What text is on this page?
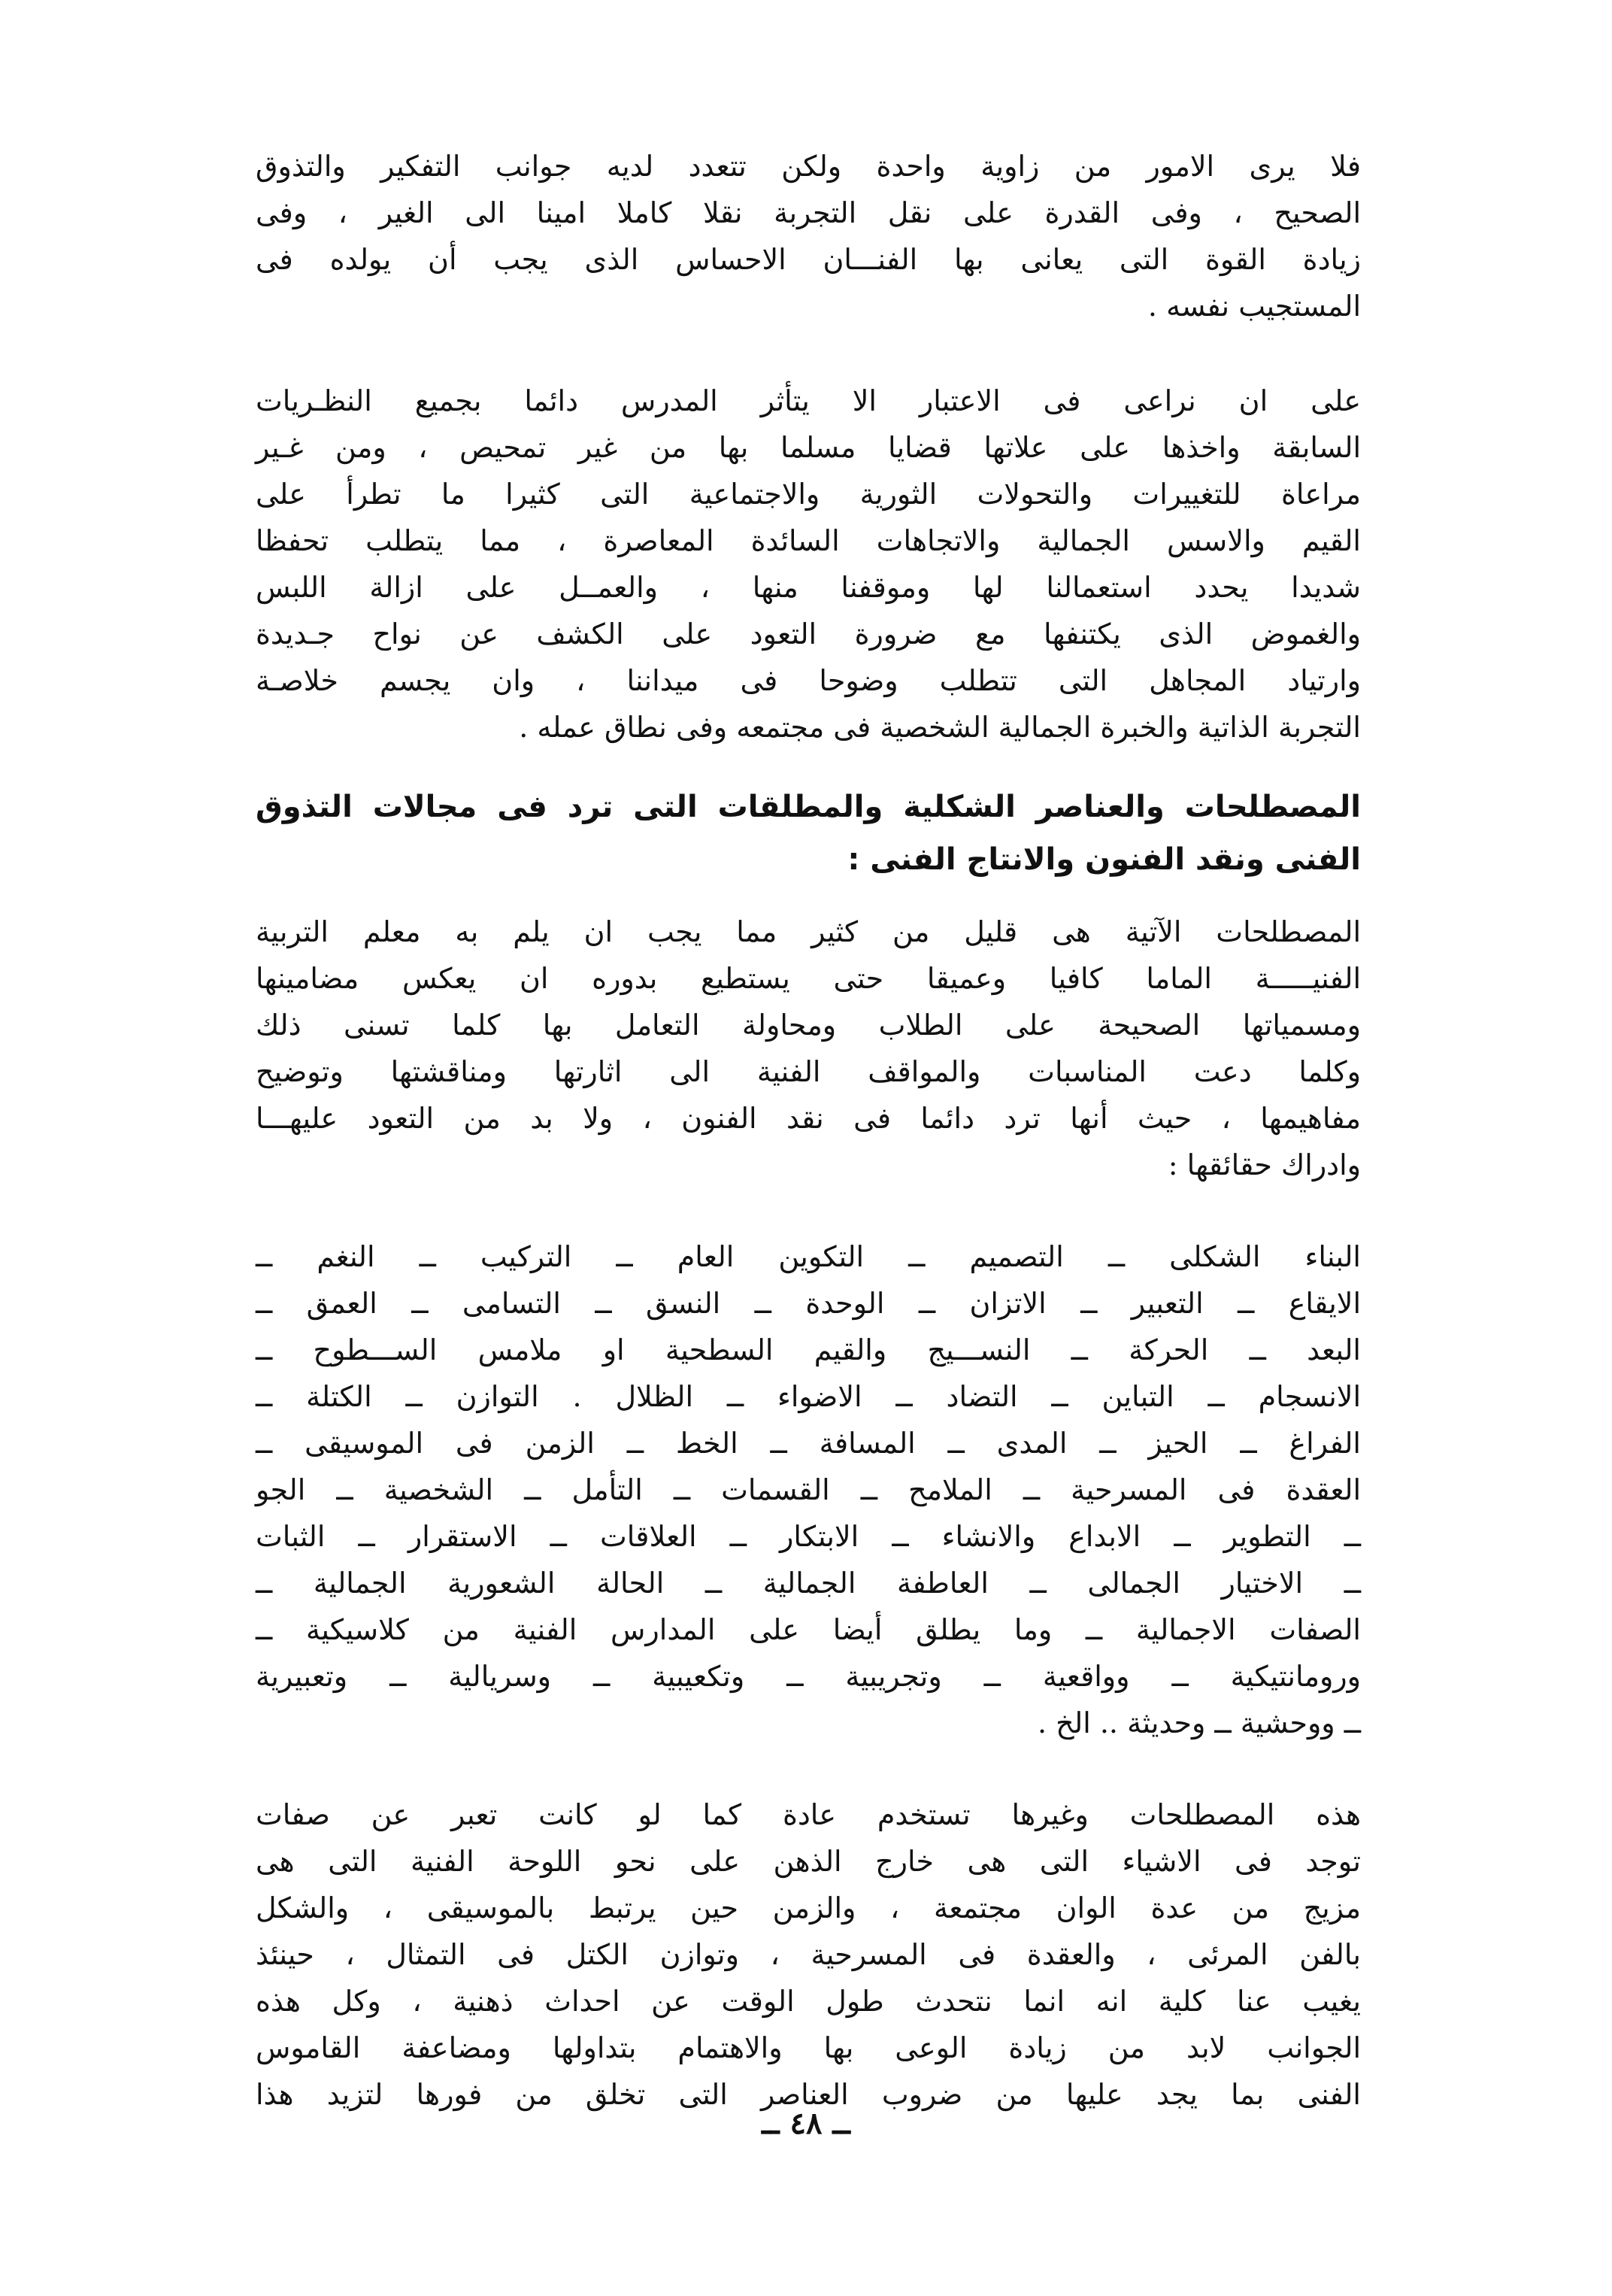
فلا يرى الامور من زاوية واحدة ولكن تتعدد لديه جوانب التفكير والتذوق
الصحيح ، وفى القدرة على نقل التجربة نقلا كاملا امينا الى الغير ، وفى
زيادة القوة التى يعانى بها الفنـــان الاحساس الذى يجب أن يولده فى
المستجيب نفسه .
على ان نراعى فى الاعتبار الا يتأثر المدرس دائما بجميع النظـريات
السابقة واخذها على علاتها قضايا مسلما بها من غير تمحيص ، ومن غـير
مراعاة للتغييرات والتحولات الثورية والاجتماعية التى كثيرا ما تطرأ على
القيم والاسس الجمالية والاتجاهات السائدة المعاصرة ، مما يتطلب تحفظا
شديدا يحدد استعمالنا لها وموقفنا منها ، والعمــل على ازالة اللبس
والغموض الذى يكتنفها مع ضرورة التعود على الكشف عن نواح جـديدة
وارتياد المجاهل التى تتطلب وضوحا فى ميداننا ، وان يجسم خلاصـة
التجربة الذاتية والخبرة الجمالية الشخصية فى مجتمعه وفى نطاق عمله .
المصطلحات والعناصر الشكلية والمطلقات التى ترد فى مجالات التذوق
الفنى ونقد الفنون والانتاج الفنى :
المصطلحات الآتية هى قليل من كثير مما يجب ان يلم به معلم التربية
الفنيـــــة الماما كافيا وعميقا حتى يستطيع بدوره ان يعكس مضامينها
ومسمياتها الصحيحة على الطلاب ومحاولة التعامل بها كلما تسنى ذلك
وكلما دعت المناسبات والمواقف الفنية الى اثارتها ومناقشتها وتوضيح
مفاهيمها ، حيث أنها ترد دائما فى نقد الفنون ، ولا بد من التعود عليهـــا
وادراك حقائقها :
البناء الشكلى ــ التصميم ــ التكوين العام ــ التركيب ــ النغم ــ
الايقاع ــ التعبير ــ الاتزان ــ الوحدة ــ النسق ــ التسامى ــ العمق ــ
البعد ــ الحركة ــ النســـيج والقيم السطحية او ملامس الســـطوح ــ
الانسجام ــ التباين ــ التضاد ــ الاضواء ــ الظلال . التوازن ــ الكتلة ــ
الفراغ ــ الحيز ــ المدى ــ المسافة ــ الخط ــ الزمن فى الموسيقى ــ
العقدة فى المسرحية ــ الملامح ــ القسمات ــ التأمل ــ الشخصية ــ الجو
ــ التطوير ــ الابداع والانشاء ــ الابتكار ــ العلاقات ــ الاستقرار ــ الثبات
ــ الاختيار الجمالى ــ العاطفة الجمالية ــ الحالة الشعورية الجمالية ــ
الصفات الاجمالية ــ وما يطلق أيضا على المدارس الفنية من كلاسيكية ــ
ورومانتيكية ــ وواقعية ــ وتجريبية ــ وتكعيبية ــ وسريالية ــ وتعبيرية
ــ ووحشية ــ وحديثة .. الخ .
هذه المصطلحات وغيرها تستخدم عادة كما لو كانت تعبر عن صفات
توجد فى الاشياء التى هى خارج الذهن على نحو اللوحة الفنية التى هى
مزيج من عدة الوان مجتمعة ، والزمن حين يرتبط بالموسيقى ، والشكل
بالفن المرئى ، والعقدة فى المسرحية ، وتوازن الكتل فى التمثال ، حينئذ
يغيب عنا كلية انه انما نتحدث طول الوقت عن احداث ذهنية ، وكل هذه
الجوانب لابد من زيادة الوعى بها والاهتمام بتداولها ومضاعفة القاموس
الفنى بما يجد عليها من ضروب العناصر التى تخلق من فورها لتزيد هذا
ــ ٤٨ ــ
